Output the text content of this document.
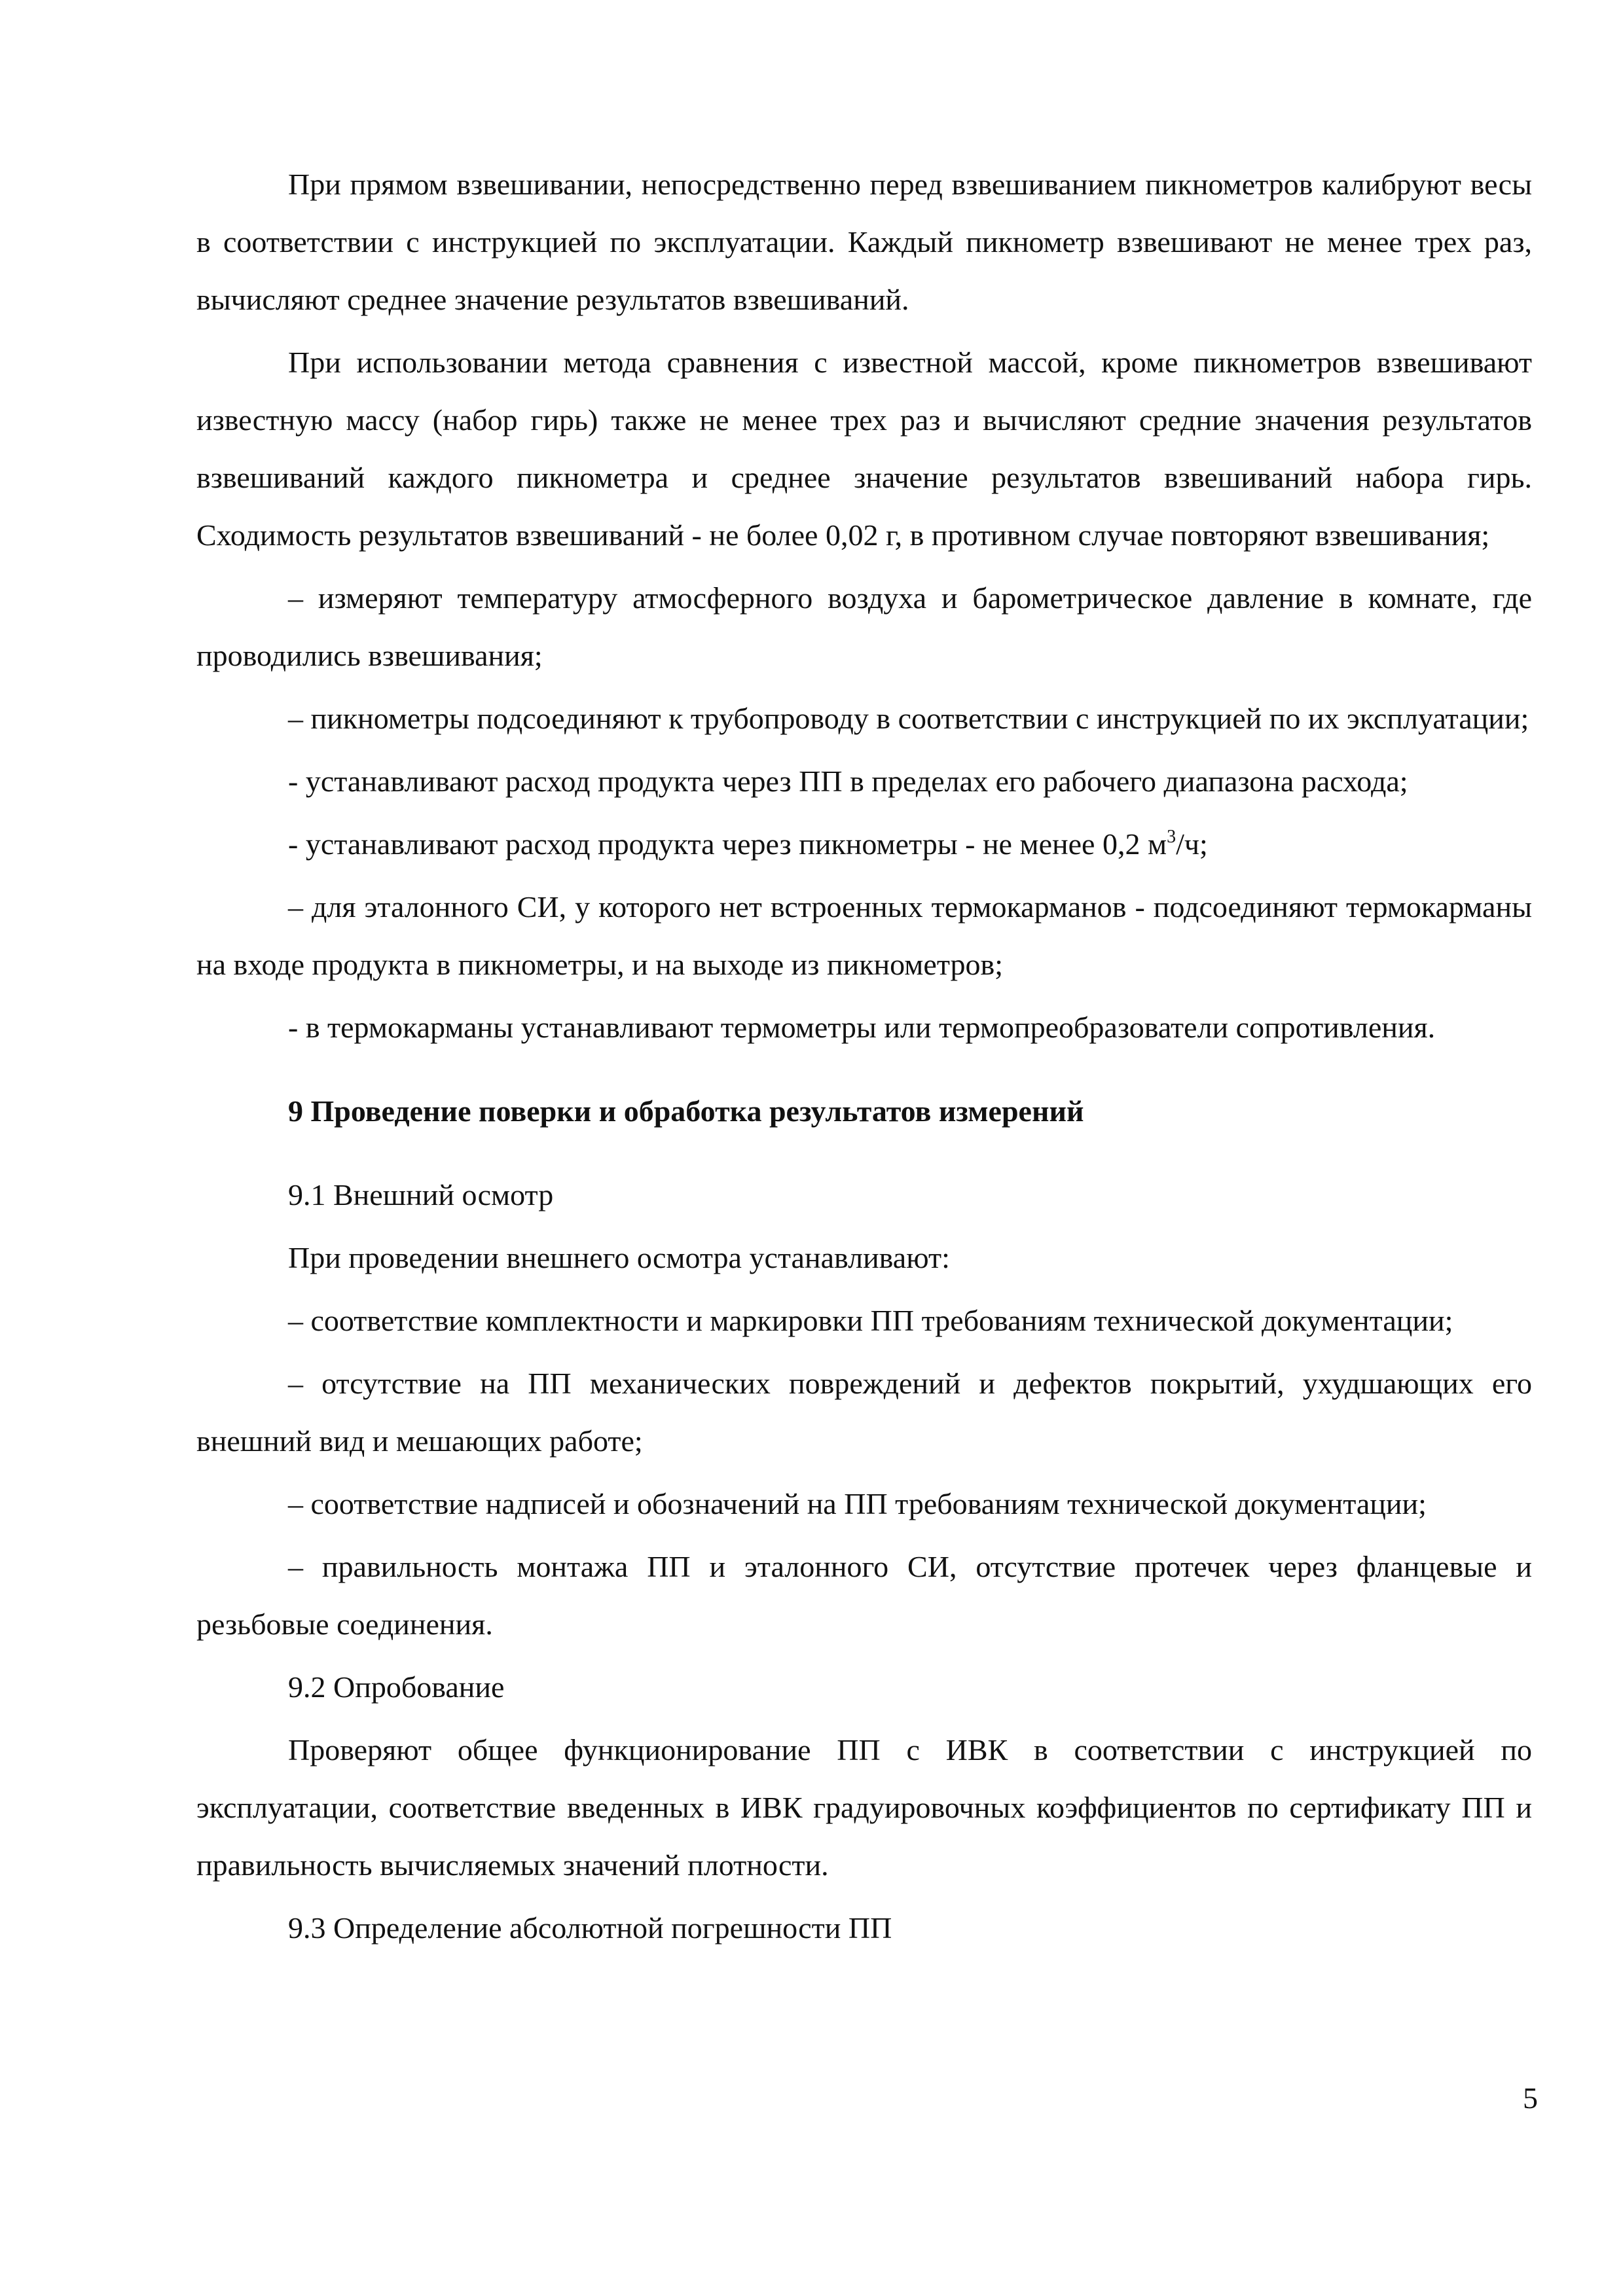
При прямом взвешивании, непосредственно перед взвешиванием пикнометров калибруют весы в соответствии с инструкцией по эксплуатации. Каждый пикнометр взвешивают не менее трех раз, вычисляют среднее значение результатов взвешиваний.

При использовании метода сравнения с известной массой, кроме пикнометров взвешивают известную массу (набор гирь) также не менее трех раз и вычисляют средние значения результатов взвешиваний каждого пикнометра и среднее значение результатов взвешиваний набора гирь. Сходимость результатов взвешиваний - не более 0,02 г, в противном случае повторяют взвешивания;

– измеряют температуру атмосферного воздуха и барометрическое давление в комнате, где проводились взвешивания;

– пикнометры подсоединяют к трубопроводу в соответствии с инструкцией по их эксплуатации;

- устанавливают расход продукта через ПП в пределах его рабочего диапазона расхода;

- устанавливают расход продукта через пикнометры - не менее 0,2 $м^3/ч$;

– для эталонного СИ, у которого нет встроенных термокарманов - подсоединяют термокарманы на входе продукта в пикнометры, и на выходе из пикнометров;

- в термокарманы устанавливают термометры или термопреобразователи сопротивления.

9 Проведение поверки и обработка результатов измерений

9.1 Внешний осмотр

При проведении внешнего осмотра устанавливают:

– соответствие комплектности и маркировки ПП требованиям технической документации;

– отсутствие на ПП механических повреждений и дефектов покрытий, ухудшающих его внешний вид и мешающих работе;

– соответствие надписей и обозначений на ПП требованиям технической документации;

– правильность монтажа ПП и эталонного СИ, отсутствие протечек через фланцевые и резьбовые соединения.

9.2 Опробование

Проверяют общее функционирование ПП с ИВК в соответствии с инструкцией по эксплуатации, соответствие введенных в ИВК градуировочных коэффициентов по сертификату ПП и правильность вычисляемых значений плотности.

9.3 Определение абсолютной погрешности ПП

5
